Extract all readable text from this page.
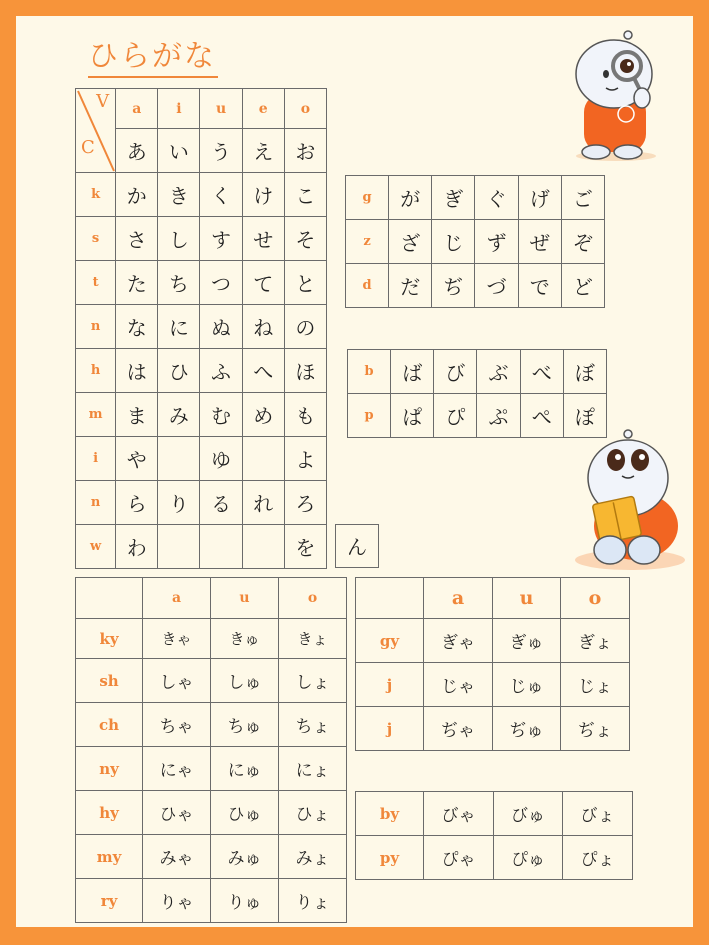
ひらがな
V
C	a	i	u	e	o
	あ	い	う	え	お
k	か	き	く	け	こ
s	さ	し	す	せ	そ
t	た	ち	つ	て	と
n	な	に	ぬ	ね	の
h	は	ひ	ふ	へ	ほ
m	ま	み	む	め	も
i	や		ゆ		よ
n	ら	り	る	れ	ろ
w	わ				を	ん
g	が	ぎ	ぐ	げ	ご
z	ざ	じ	ず	ぜ	ぞ
d	だ	ぢ	づ	で	ど
b	ば	び	ぶ	べ	ぼ
p	ぱ	ぴ	ぷ	ぺ	ぽ
	a	u	o
ky	きゃ	きゅ	きょ
sh	しゃ	しゅ	しょ
ch	ちゃ	ちゅ	ちょ
ny	にゃ	にゅ	にょ
hy	ひゃ	ひゅ	ひょ
my	みゃ	みゅ	みょ
ry	りゃ	りゅ	りょ
	a	u	o
gy	ぎゃ	ぎゅ	ぎょ
j	じゃ	じゅ	じょ
j	ぢゃ	ぢゅ	ぢょ
by	びゃ	びゅ	びょ
py	ぴゃ	ぴゅ	ぴょ
